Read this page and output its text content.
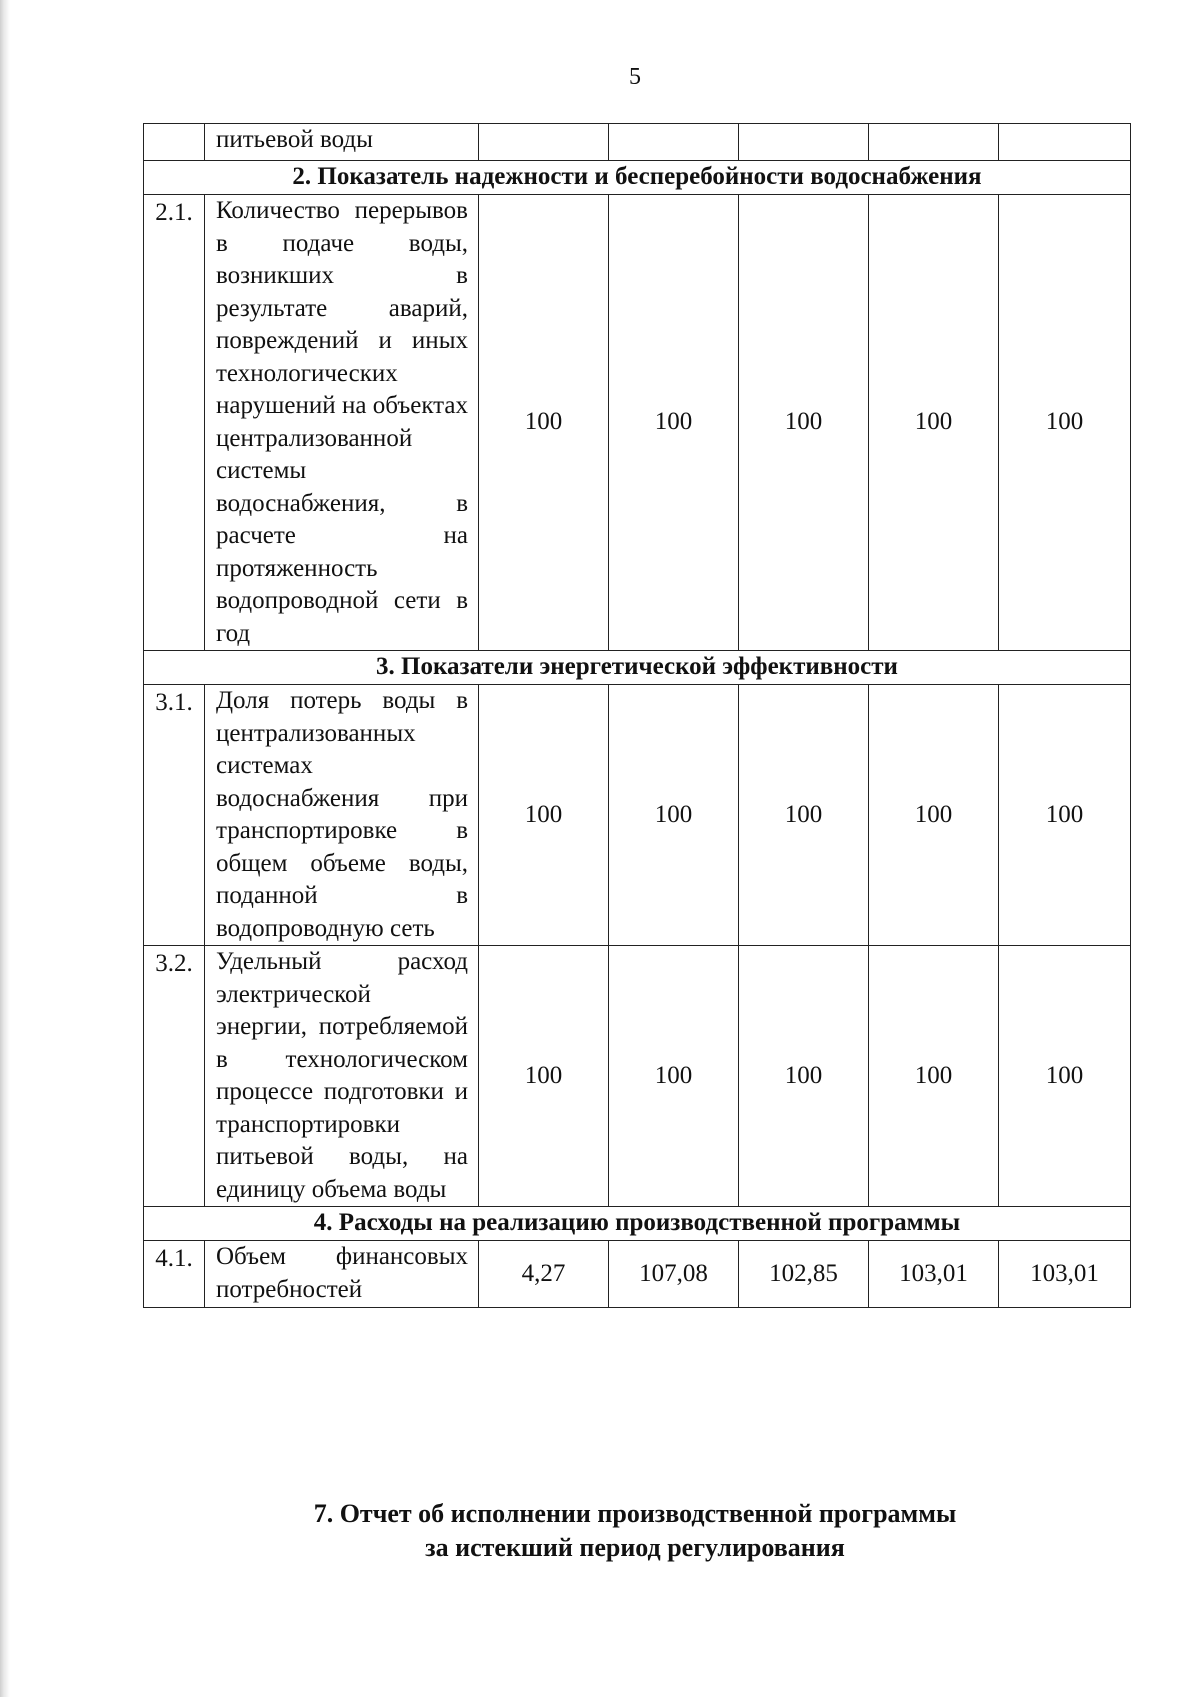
5
	питьевой воды					
2. Показатель надежности и бесперебойности водоснабжения						
2.1.	Количество перерывов в подаче воды, возникших в результате аварий, повреждений и иных технологических нарушений на объектах централизованной системы водоснабжения, в расчете на протяженность водопроводной сети в год	100	100	100	100	100
3. Показатели энергетической эффективности						
3.1.	Доля потерь воды в централизованных системах водоснабжения при транспортировке в общем объеме воды, поданной в водопроводную сеть	100	100	100	100	100
3.2.	Удельный расход электрической энергии, потребляемой в технологическом процессе подготовки и транспортировки питьевой воды, на единицу объема воды	100	100	100	100	100
4. Расходы на реализацию производственной программы						
4.1.	Объем финансовых потребностей	4,27	107,08	102,85	103,01	103,01
7. Отчет об исполнении производственной программы
за истекший период регулирования
